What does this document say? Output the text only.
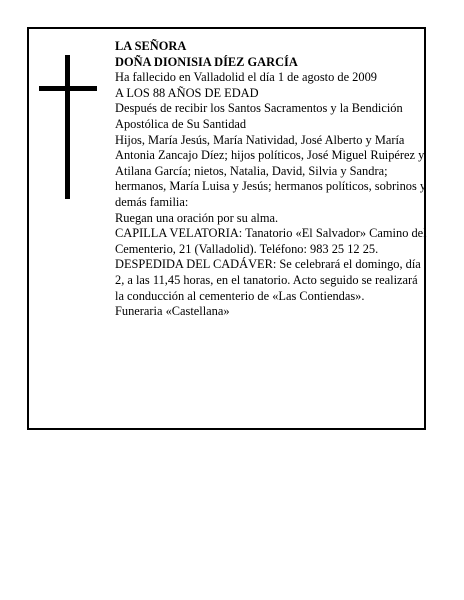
LA SEÑORA

DOÑA DIONISIA DÍEZ GARCÍA

Ha fallecido en Valladolid el día 1 de agosto de 2009

A LOS 88 AÑOS DE EDAD

Después de recibir los Santos Sacramentos y la Bendición Apostólica de Su Santidad

Hijos, María Jesús, María Natividad, José Alberto y María Antonia Zancajo Díez; hijos políticos, José Miguel Ruipérez y Atilana García; nietos, Natalia, David, Silvia y Sandra; hermanos, María Luisa y Jesús; hermanos políticos, sobrinos y demás familia:

Ruegan una oración por su alma.

CAPILLA VELATORIA: Tanatorio «El Salvador» Camino del Cementerio, 21 (Valladolid). Teléfono: 983 25 12 25.

DESPEDIDA DEL CADÁVER: Se celebrará el domingo, día 2, a las 11,45 horas, en el tanatorio. Acto seguido se realizará la conducción al cementerio de «Las Contiendas».

Funeraria «Castellana»
